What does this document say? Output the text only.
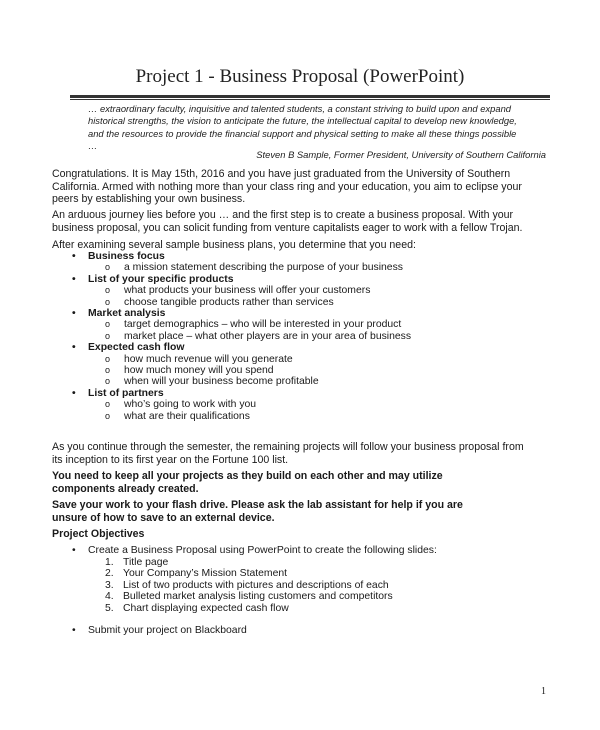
Project 1 - Business Proposal (PowerPoint)

… extraordinary faculty, inquisitive and talented students, a constant striving to build upon and expand

historical strengths, the vision to anticipate the future, the intellectual capital to develop new knowledge,

and the resources to provide the financial support and physical setting to make all these things possible

…

Steven B Sample, Former President, University of Southern California
Congratulations. It is May 15th, 2016 and you have just graduated from the University of Southern
California. Armed with nothing more than your class ring and your education, you aim to eclipse your
peers by establishing your own business.
An arduous journey lies before you … and the first step is to create a business proposal. With your
business proposal, you can solicit funding from venture capitalists eager to work with a fellow Trojan.
After examining several sample business plans, you determine that you need:
• Business focus
o a mission statement describing the purpose of your business
• List of your specific products
o what products your business will offer your customers
o choose tangible products rather than services
• Market analysis
o target demographics – who will be interested in your product
o market place – what other players are in your area of business
• Expected cash flow
o how much revenue will you generate
o how much money will you spend
o when will your business become profitable
• List of partners
o who’s going to work with you
o what are their qualifications
As you continue through the semester, the remaining projects will follow your business proposal from
its inception to its first year on the Fortune 100 list.
You need to keep all your projects as they build on each other and may utilize
components already created.
Save your work to your flash drive. Please ask the lab assistant for help if you are
unsure of how to save to an external device.
Project Objectives
• Create a Business Proposal using PowerPoint to create the following slides:
1. Title page
2. Your Company’s Mission Statement
3. List of two products with pictures and descriptions of each
4. Bulleted market analysis listing customers and competitors
5. Chart displaying expected cash flow
• Submit your project on Blackboard
1
